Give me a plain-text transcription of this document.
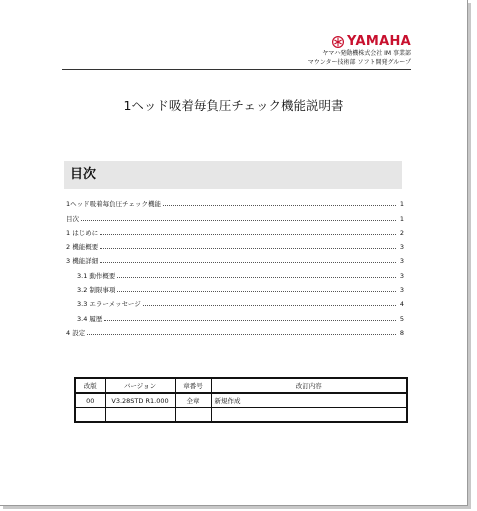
YAMAHA
ヤマハ発動機株式会社 IM 事業部
マウンター技術部 ソフト開発グループ
1ヘッド吸着毎負圧チェック機能説明書
目次
1ヘッド吸着毎負圧チェック機能	1
目次	1
1 はじめに	2
2 機能概要	3
3 機能詳細	3
3.1 動作概要	3
3.2 制限事項	3
3.3 エラーメッセージ	4
3.4 履歴	5
4 設定	8
改版	バージョン	章番号	改訂内容
00	V3.28STD R1.000	全章	新規作成
